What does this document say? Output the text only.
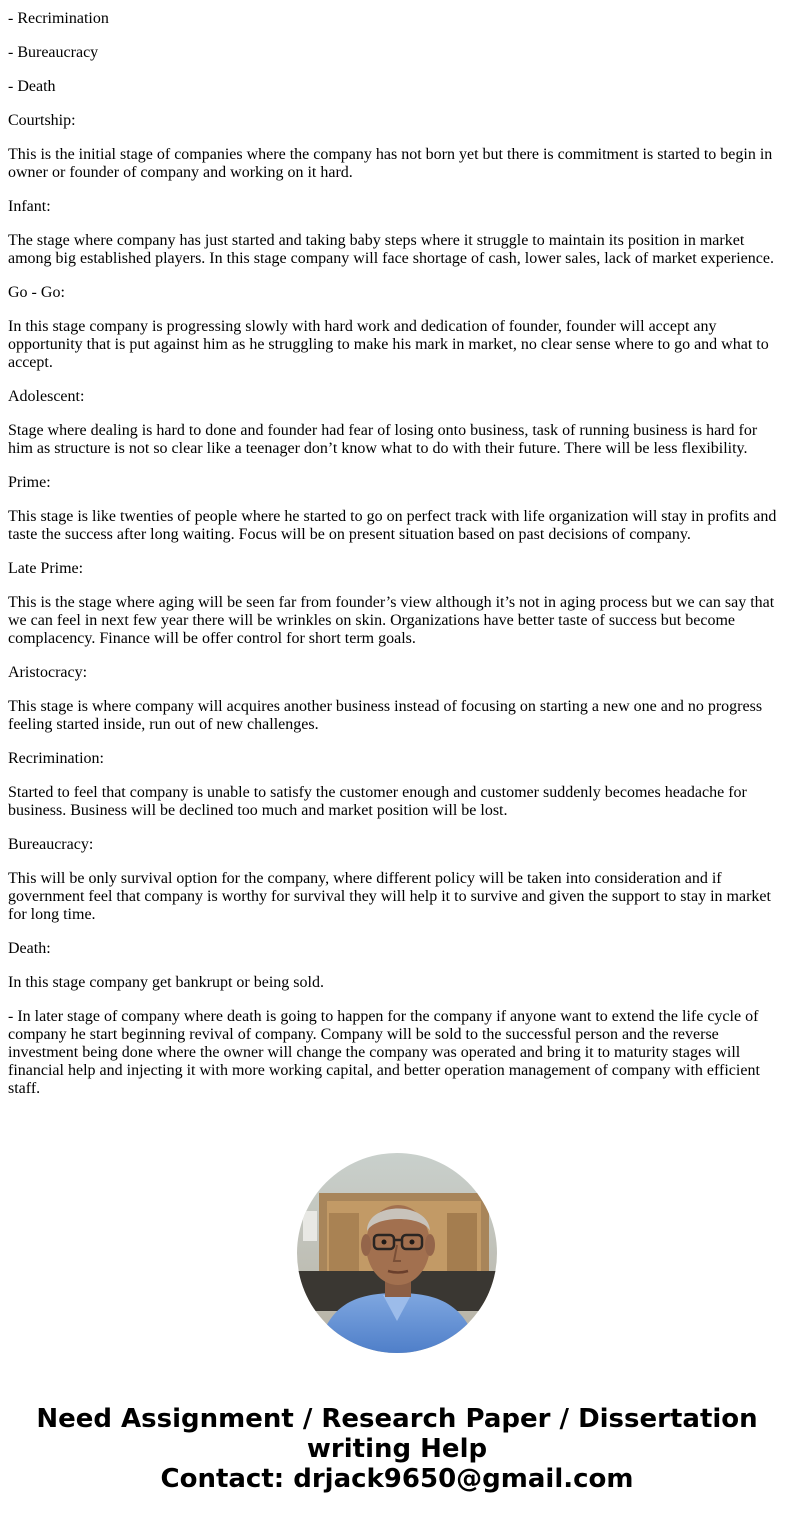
- Recrimination

- Bureaucracy

- Death

Courtship:

This is the initial stage of companies where the company has not born yet but there is commitment is started to begin in owner or founder of company and working on it hard.

Infant:

The stage where company has just started and taking baby steps where it struggle to maintain its position in market among big established players. In this stage company will face shortage of cash, lower sales, lack of market experience.

Go - Go:

In this stage company is progressing slowly with hard work and dedication of founder, founder will accept any opportunity that is put against him as he struggling to make his mark in market, no clear sense where to go and what to accept.

Adolescent:

Stage where dealing is hard to done and founder had fear of losing onto business, task of running business is hard for him as structure is not so clear like a teenager don’t know what to do with their future. There will be less flexibility.

Prime:

This stage is like twenties of people where he started to go on perfect track with life organization will stay in profits and taste the success after long waiting. Focus will be on present situation based on past decisions of company.

Late Prime:

This is the stage where aging will be seen far from founder’s view although it’s not in aging process but we can say that we can feel in next few year there will be wrinkles on skin. Organizations have better taste of success but become complacency. Finance will be offer control for short term goals.

Aristocracy:

This stage is where company will acquires another business instead of focusing on starting a new one and no progress feeling started inside, run out of new challenges.

Recrimination:

Started to feel that company is unable to satisfy the customer enough and customer suddenly becomes headache for business. Business will be declined too much and market position will be lost.

Bureaucracy:

This will be only survival option for the company, where different policy will be taken into consideration and if government feel that company is worthy for survival they will help it to survive and given the support to stay in market for long time.

Death:

In this stage company get bankrupt or being sold.

- In later stage of company where death is going to happen for the company if anyone want to extend the life cycle of company he start beginning revival of company. Company will be sold to the successful person and the reverse investment being done where the owner will change the company was operated and bring it to maturity stages will financial help and injecting it with more working capital, and better operation management of company with efficient staff.

Need Assignment / Research Paper / Dissertation
writing Help
Contact: drjack9650@gmail.com
